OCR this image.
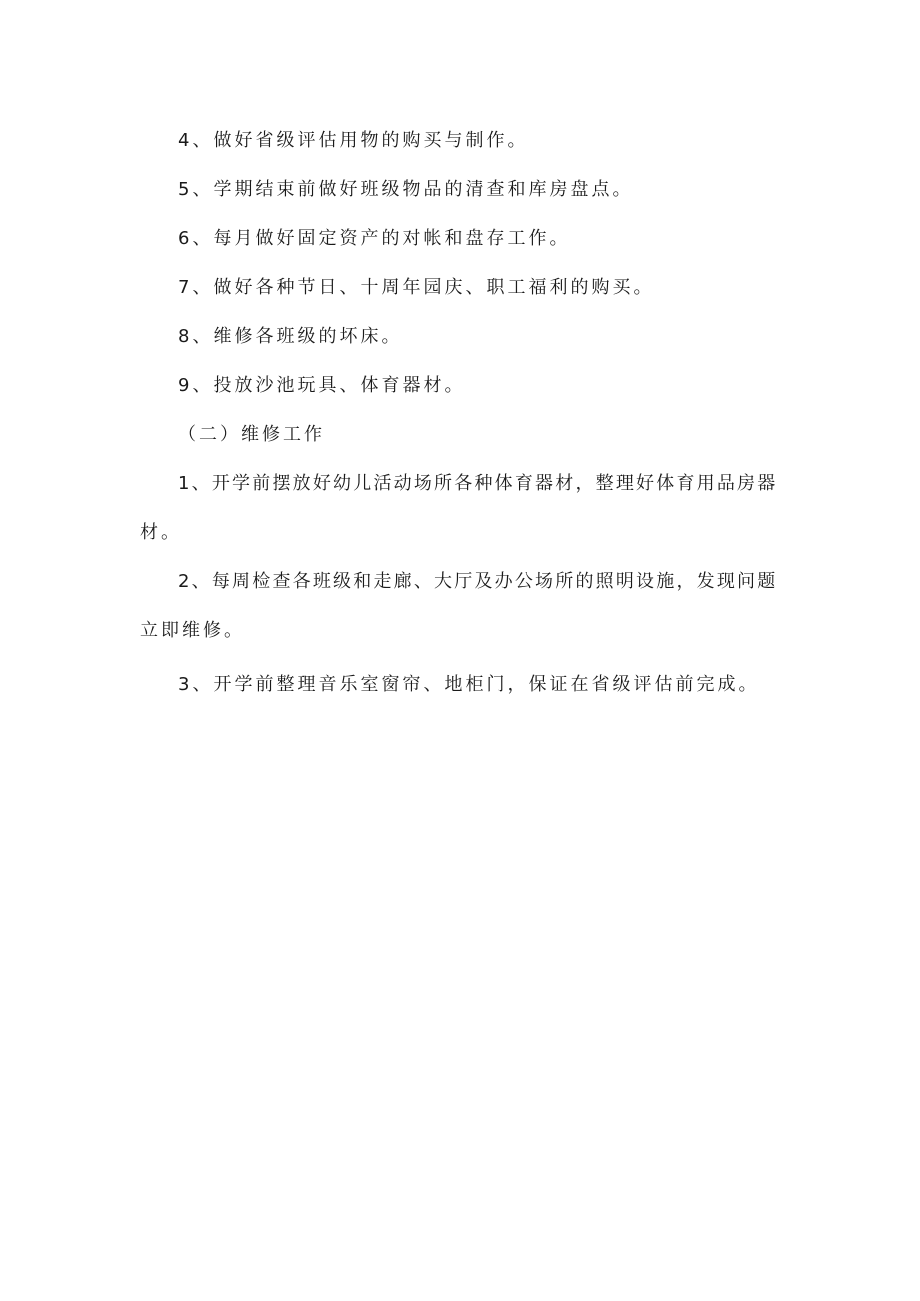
4、做好省级评估用物的购买与制作。
5、学期结束前做好班级物品的清查和库房盘点。
6、每月做好固定资产的对帐和盘存工作。
7、做好各种节日、十周年园庆、职工福利的购买。
8、维修各班级的坏床。
9、投放沙池玩具、体育器材。
（二）维修工作
1、开学前摆放好幼儿活动场所各种体育器材，整理好体育用品房器
材。
2、每周检查各班级和走廊、大厅及办公场所的照明设施，发现问题
立即维修。
3、开学前整理音乐室窗帘、地柜门，保证在省级评估前完成。
